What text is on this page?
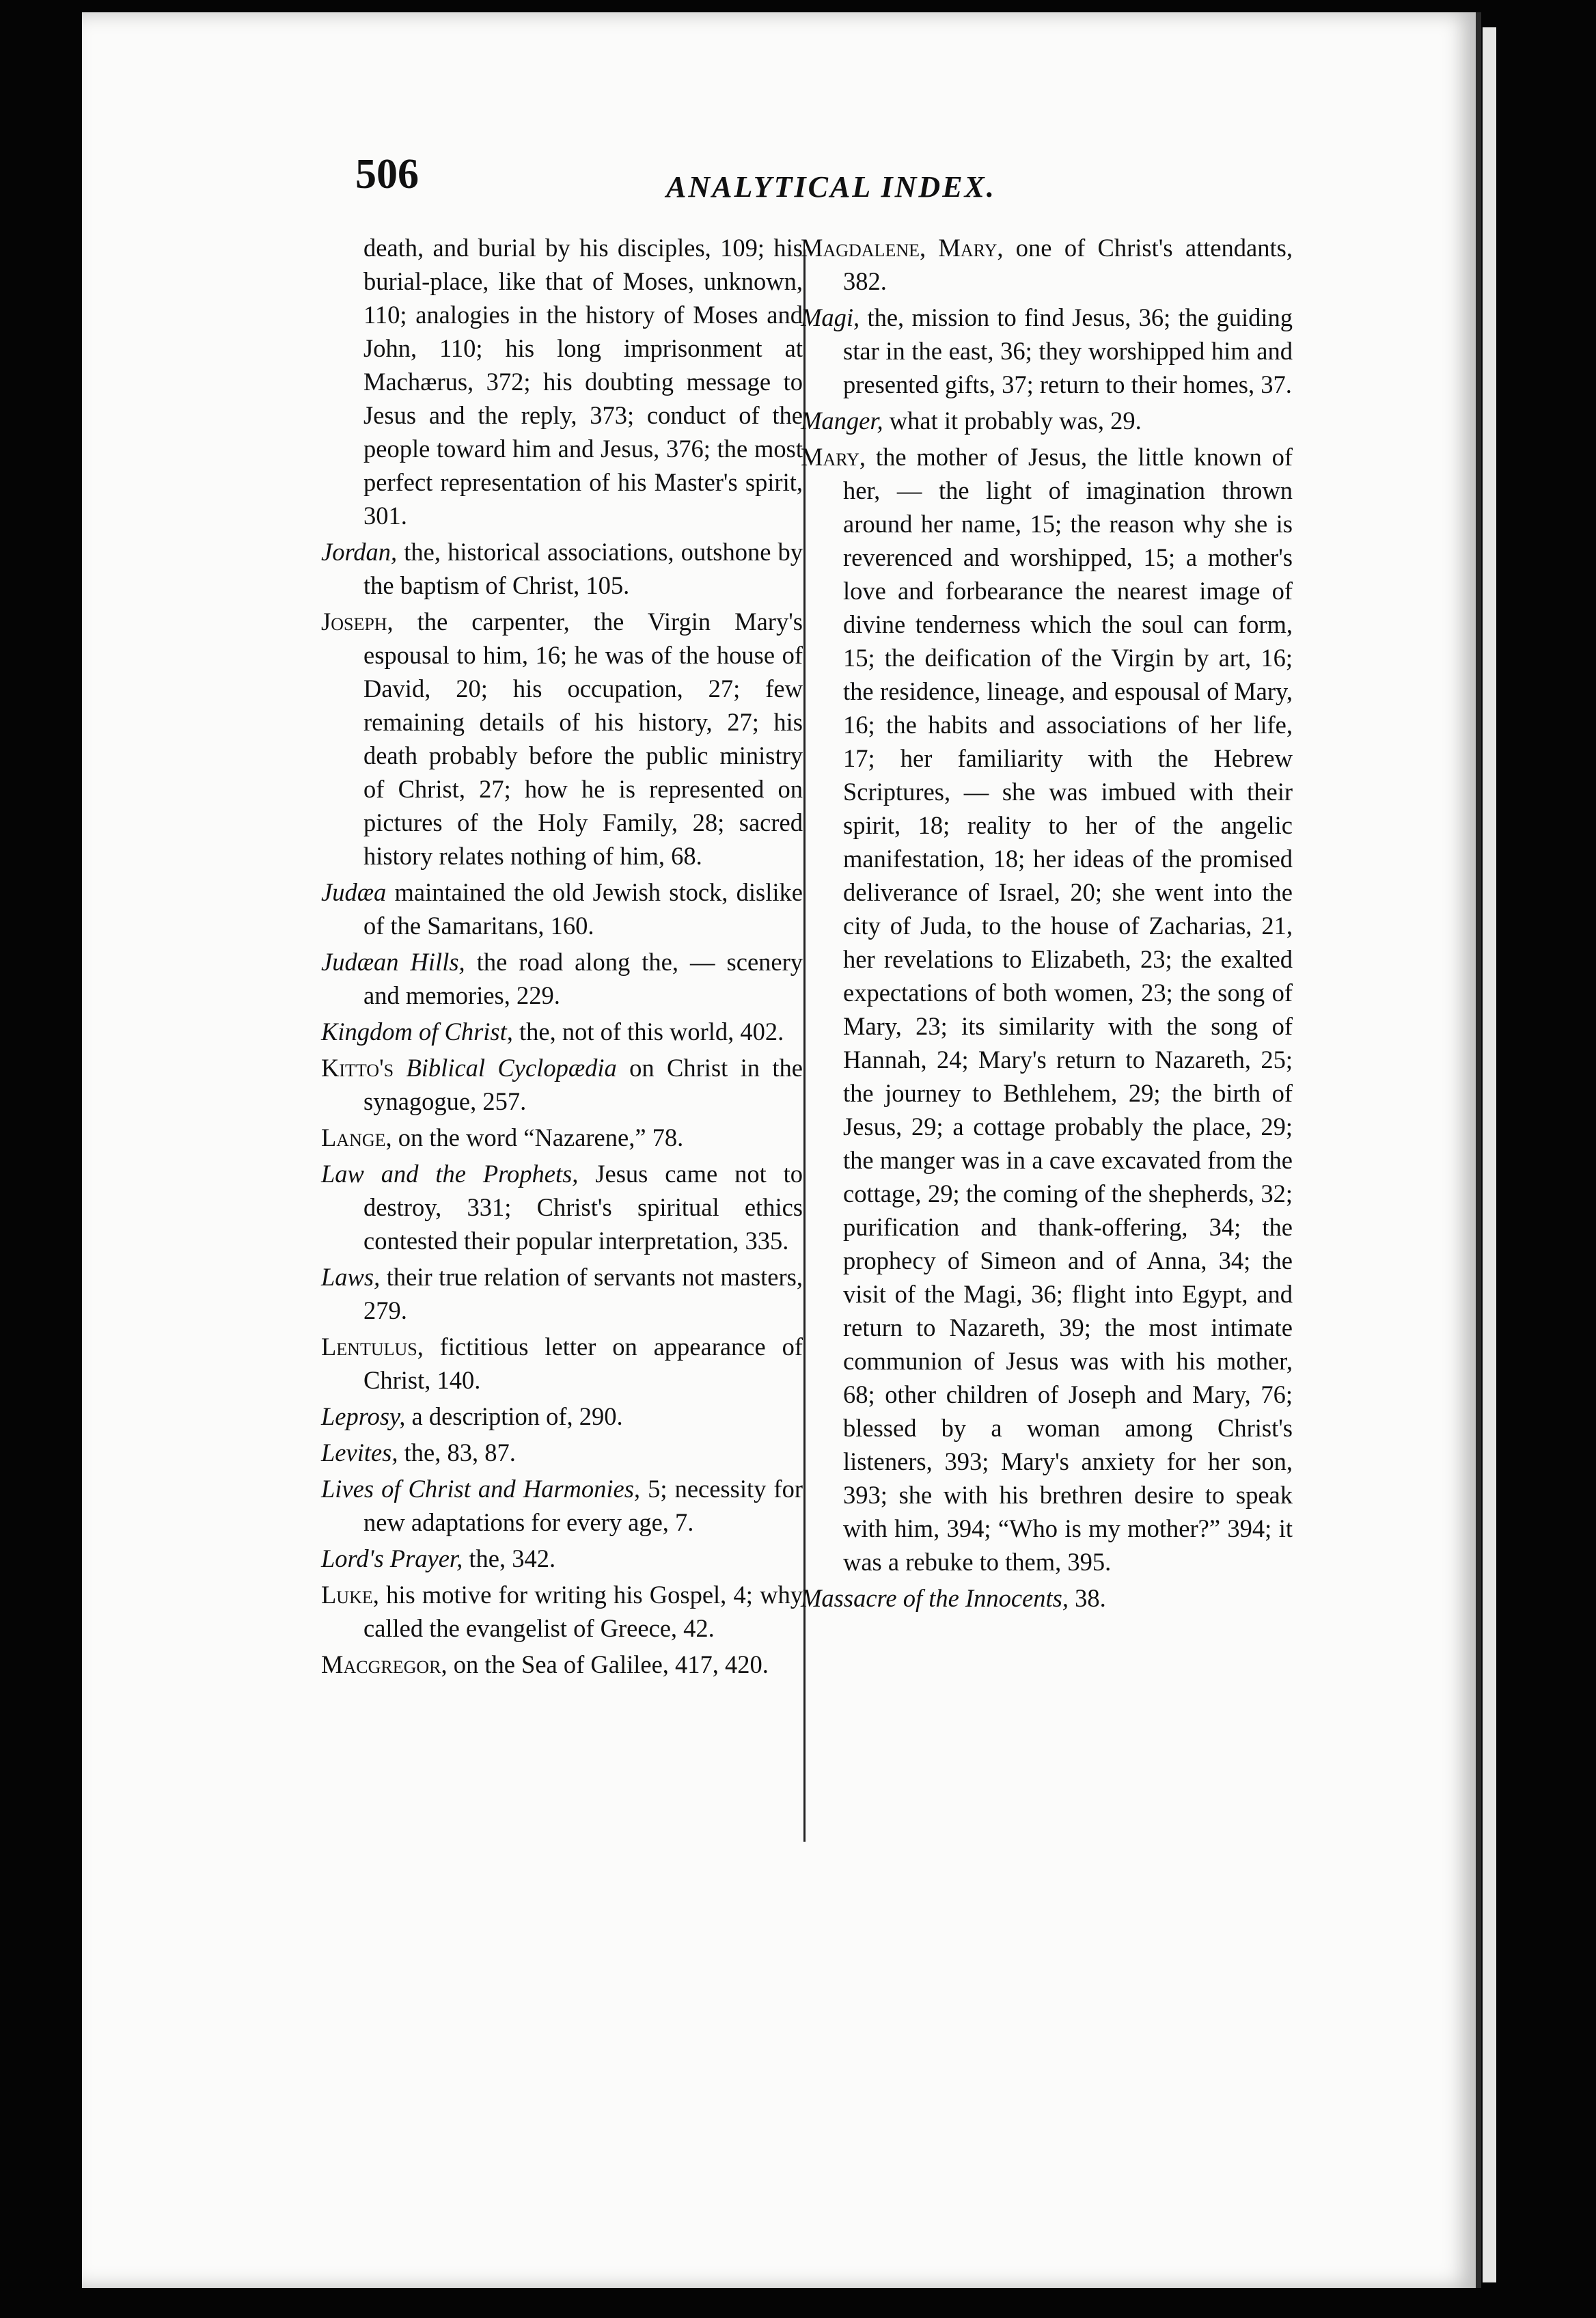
506	ANALYTICAL INDEX.

death, and burial by his disciples, 109; his burial-place, like that of Moses, unknown, 110; analogies in the history of Moses and John, 110; his long imprisonment at Machærus, 372; his doubting message to Jesus and the reply, 373; conduct of the people toward him and Jesus, 376; the most perfect representation of his Master's spirit, 301.

Jordan, the, historical associations, outshone by the baptism of Christ, 105.

Joseph, the carpenter, the Virgin Mary's espousal to him, 16; he was of the house of David, 20; his occupation, 27; few remaining details of his history, 27; his death probably before the public ministry of Christ, 27; how he is represented on pictures of the Holy Family, 28; sacred history relates nothing of him, 68.

Judæa maintained the old Jewish stock, dislike of the Samaritans, 160.

Judæan Hills, the road along the, — scenery and memories, 229.

Kingdom of Christ, the, not of this world, 402.

Kitto's Biblical Cyclopædia on Christ in the synagogue, 257.

Lange, on the word “Nazarene,” 78.

Law and the Prophets, Jesus came not to destroy, 331; Christ's spiritual ethics contested their popular interpretation, 335.

Laws, their true relation of servants not masters, 279.

Lentulus, fictitious letter on appearance of Christ, 140.

Leprosy, a description of, 290.

Levites, the, 83, 87.

Lives of Christ and Harmonies, 5; necessity for new adaptations for every age, 7.

Lord's Prayer, the, 342.

Luke, his motive for writing his Gospel, 4; why called the evangelist of Greece, 42.

Macgregor, on the Sea of Galilee, 417, 420.

Magdalene, Mary, one of Christ's attendants, 382.

Magi, the, mission to find Jesus, 36; the guiding star in the east, 36; they worshipped him and presented gifts, 37; return to their homes, 37.

Manger, what it probably was, 29.

Mary, the mother of Jesus, the little known of her, — the light of imagination thrown around her name, 15; the reason why she is reverenced and worshipped, 15; a mother's love and forbearance the nearest image of divine tenderness which the soul can form, 15; the deification of the Virgin by art, 16; the residence, lineage, and espousal of Mary, 16; the habits and associations of her life, 17; her familiarity with the Hebrew Scriptures, — she was imbued with their spirit, 18; reality to her of the angelic manifestation, 18; her ideas of the promised deliverance of Israel, 20; she went into the city of Juda, to the house of Zacharias, 21, her revelations to Elizabeth, 23; the exalted expectations of both women, 23; the song of Mary, 23; its similarity with the song of Hannah, 24; Mary's return to Nazareth, 25; the journey to Bethlehem, 29; the birth of Jesus, 29; a cottage probably the place, 29; the manger was in a cave excavated from the cottage, 29; the coming of the shepherds, 32; purification and thank-offering, 34; the prophecy of Simeon and of Anna, 34; the visit of the Magi, 36; flight into Egypt, and return to Nazareth, 39; the most intimate communion of Jesus was with his mother, 68; other children of Joseph and Mary, 76; blessed by a woman among Christ's listeners, 393; Mary's anxiety for her son, 393; she with his brethren desire to speak with him, 394; “Who is my mother?” 394; it was a rebuke to them, 395.

Massacre of the Innocents, 38.
